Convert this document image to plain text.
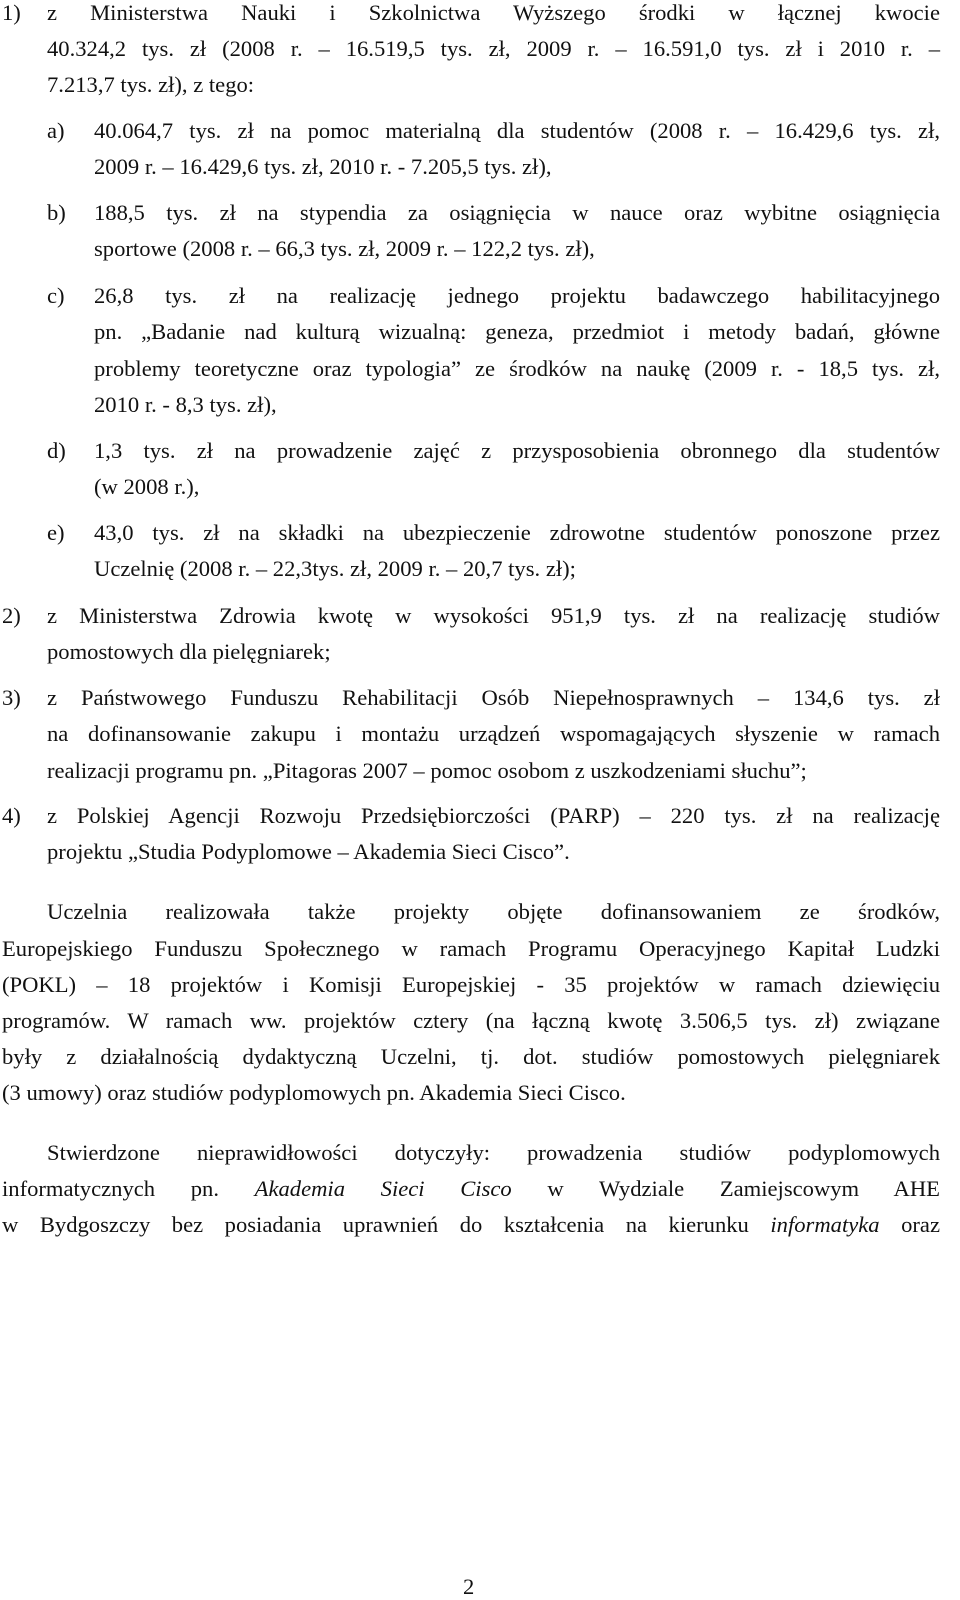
1) z Ministerstwa Nauki i Szkolnictwa Wyższego środki w łącznej kwocie
40.324,2 tys. zł (2008 r. – 16.519,5 tys. zł, 2009 r. – 16.591,0 tys. zł i 2010 r. –
7.213,7 tys. zł), z tego:
a) 40.064,7 tys. zł na pomoc materialną dla studentów (2008 r. – 16.429,6 tys. zł,
2009 r. – 16.429,6 tys. zł, 2010 r. - 7.205,5 tys. zł),
b) 188,5 tys. zł na stypendia za osiągnięcia w nauce oraz wybitne osiągnięcia
sportowe (2008 r. – 66,3 tys. zł, 2009 r. – 122,2 tys. zł),
c) 26,8 tys. zł na realizację jednego projektu badawczego habilitacyjnego
pn. „Badanie nad kulturą wizualną: geneza, przedmiot i metody badań, główne
problemy teoretyczne oraz typologia” ze środków na naukę (2009 r. - 18,5 tys. zł,
2010 r. - 8,3 tys. zł),
d) 1,3 tys. zł na prowadzenie zajęć z przysposobienia obronnego dla studentów
(w 2008 r.),
e) 43,0 tys. zł na składki na ubezpieczenie zdrowotne studentów ponoszone przez
Uczelnię (2008 r. – 22,3tys. zł, 2009 r. – 20,7 tys. zł);
2) z Ministerstwa Zdrowia kwotę w wysokości 951,9 tys. zł na realizację studiów
pomostowych dla pielęgniarek;
3) z Państwowego Funduszu Rehabilitacji Osób Niepełnosprawnych – 134,6 tys. zł
na dofinansowanie zakupu i montażu urządzeń wspomagających słyszenie w ramach
realizacji programu pn. „Pitagoras 2007 – pomoc osobom z uszkodzeniami słuchu”;
4) z Polskiej Agencji Rozwoju Przedsiębiorczości (PARP) – 220 tys. zł na realizację
projektu „Studia Podyplomowe – Akademia Sieci Cisco”.
Uczelnia realizowała także projekty objęte dofinansowaniem ze środków,
Europejskiego Funduszu Społecznego w ramach Programu Operacyjnego Kapitał Ludzki
(POKL) – 18 projektów i Komisji Europejskiej - 35 projektów w ramach dziewięciu
programów. W ramach ww. projektów cztery (na łączną kwotę 3.506,5 tys. zł) związane
były z działalnością dydaktyczną Uczelni, tj. dot. studiów pomostowych pielęgniarek
(3 umowy) oraz studiów podyplomowych pn. Akademia Sieci Cisco.
Stwierdzone nieprawidłowości dotyczyły: prowadzenia studiów podyplomowych
informatycznych pn. Akademia Sieci Cisco w Wydziale Zamiejscowym AHE
w Bydgoszczy bez posiadania uprawnień do kształcenia na kierunku informatyka oraz
2
